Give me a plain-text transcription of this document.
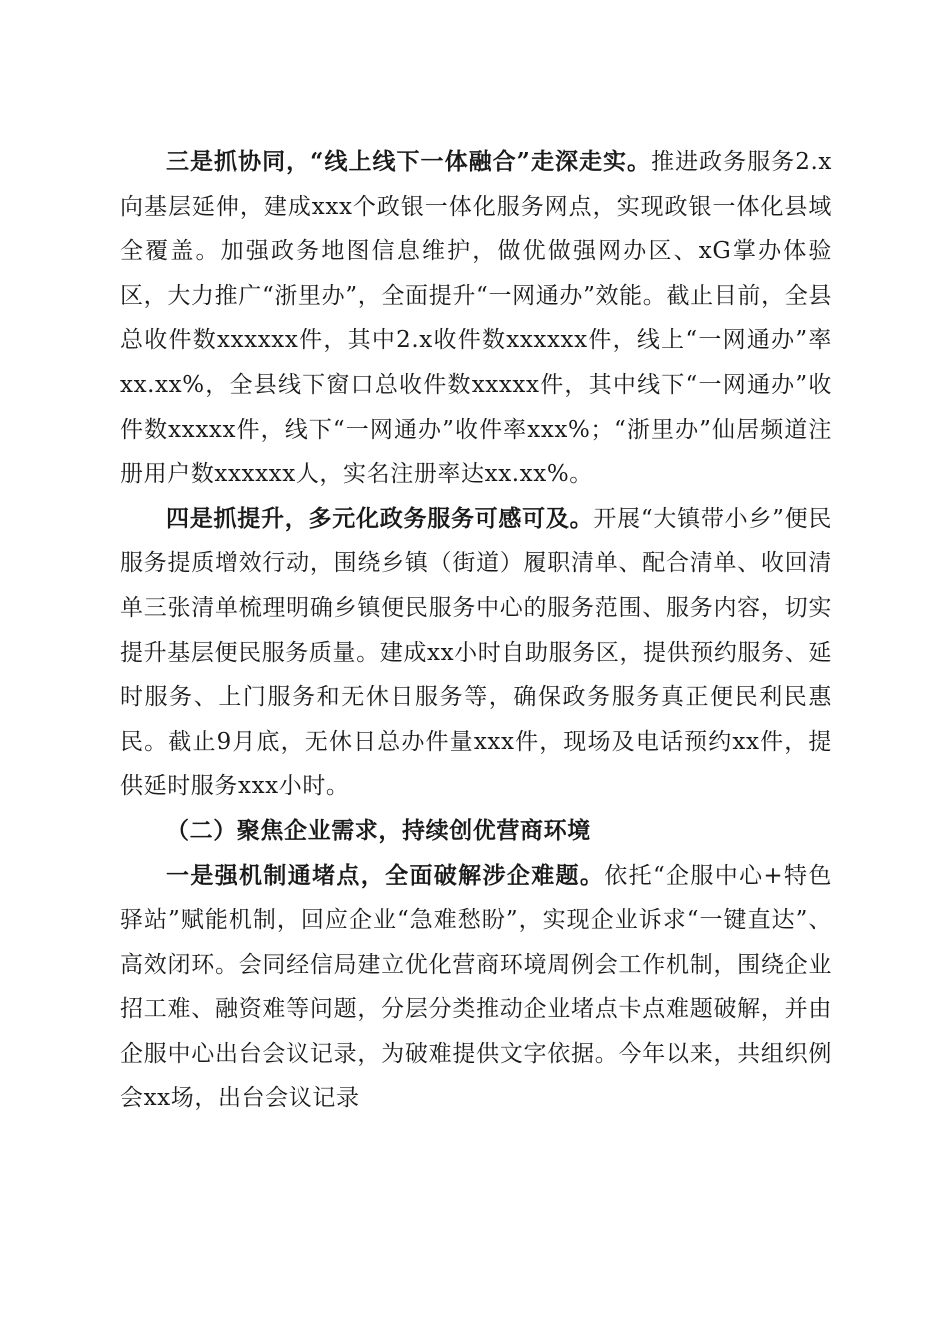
三是抓协同，“线上线下一体融合”走深走实。推进政务服务2.x向基层延伸，建成xxx个政银一体化服务网点，实现政银一体化县域全覆盖。加强政务地图信息维护，做优做强网办区、xG掌办体验区，大力推广“浙里办”，全面提升“一网通办”效能。截止目前，全县总收件数xxxxxx件，其中2.x收件数xxxxxx件，线上“一网通办”率xx.xx%，全县线下窗口总收件数xxxxx件，其中线下“一网通办”收件数xxxxx件，线下“一网通办”收件率xxx%；“浙里办”仙居频道注册用户数xxxxxx人，实名注册率达xx.xx%。

四是抓提升，多元化政务服务可感可及。开展“大镇带小乡”便民服务提质增效行动，围绕乡镇（街道）履职清单、配合清单、收回清单三张清单梳理明确乡镇便民服务中心的服务范围、服务内容，切实提升基层便民服务质量。建成xx小时自助服务区，提供预约服务、延时服务、上门服务和无休日服务等，确保政务服务真正便民利民惠民。截止9月底，无休日总办件量xxx件，现场及电话预约xx件，提供延时服务xxx小时。

（二）聚焦企业需求，持续创优营商环境

一是强机制通堵点，全面破解涉企难题。依托“企服中心+特色驿站”赋能机制，回应企业“急难愁盼”，实现企业诉求“一键直达”、高效闭环。会同经信局建立优化营商环境周例会工作机制，围绕企业招工难、融资难等问题，分层分类推动企业堵点卡点难题破解，并由企服中心出台会议记录，为破难提供文字依据。今年以来，共组织例会xx场，出台会议记录
